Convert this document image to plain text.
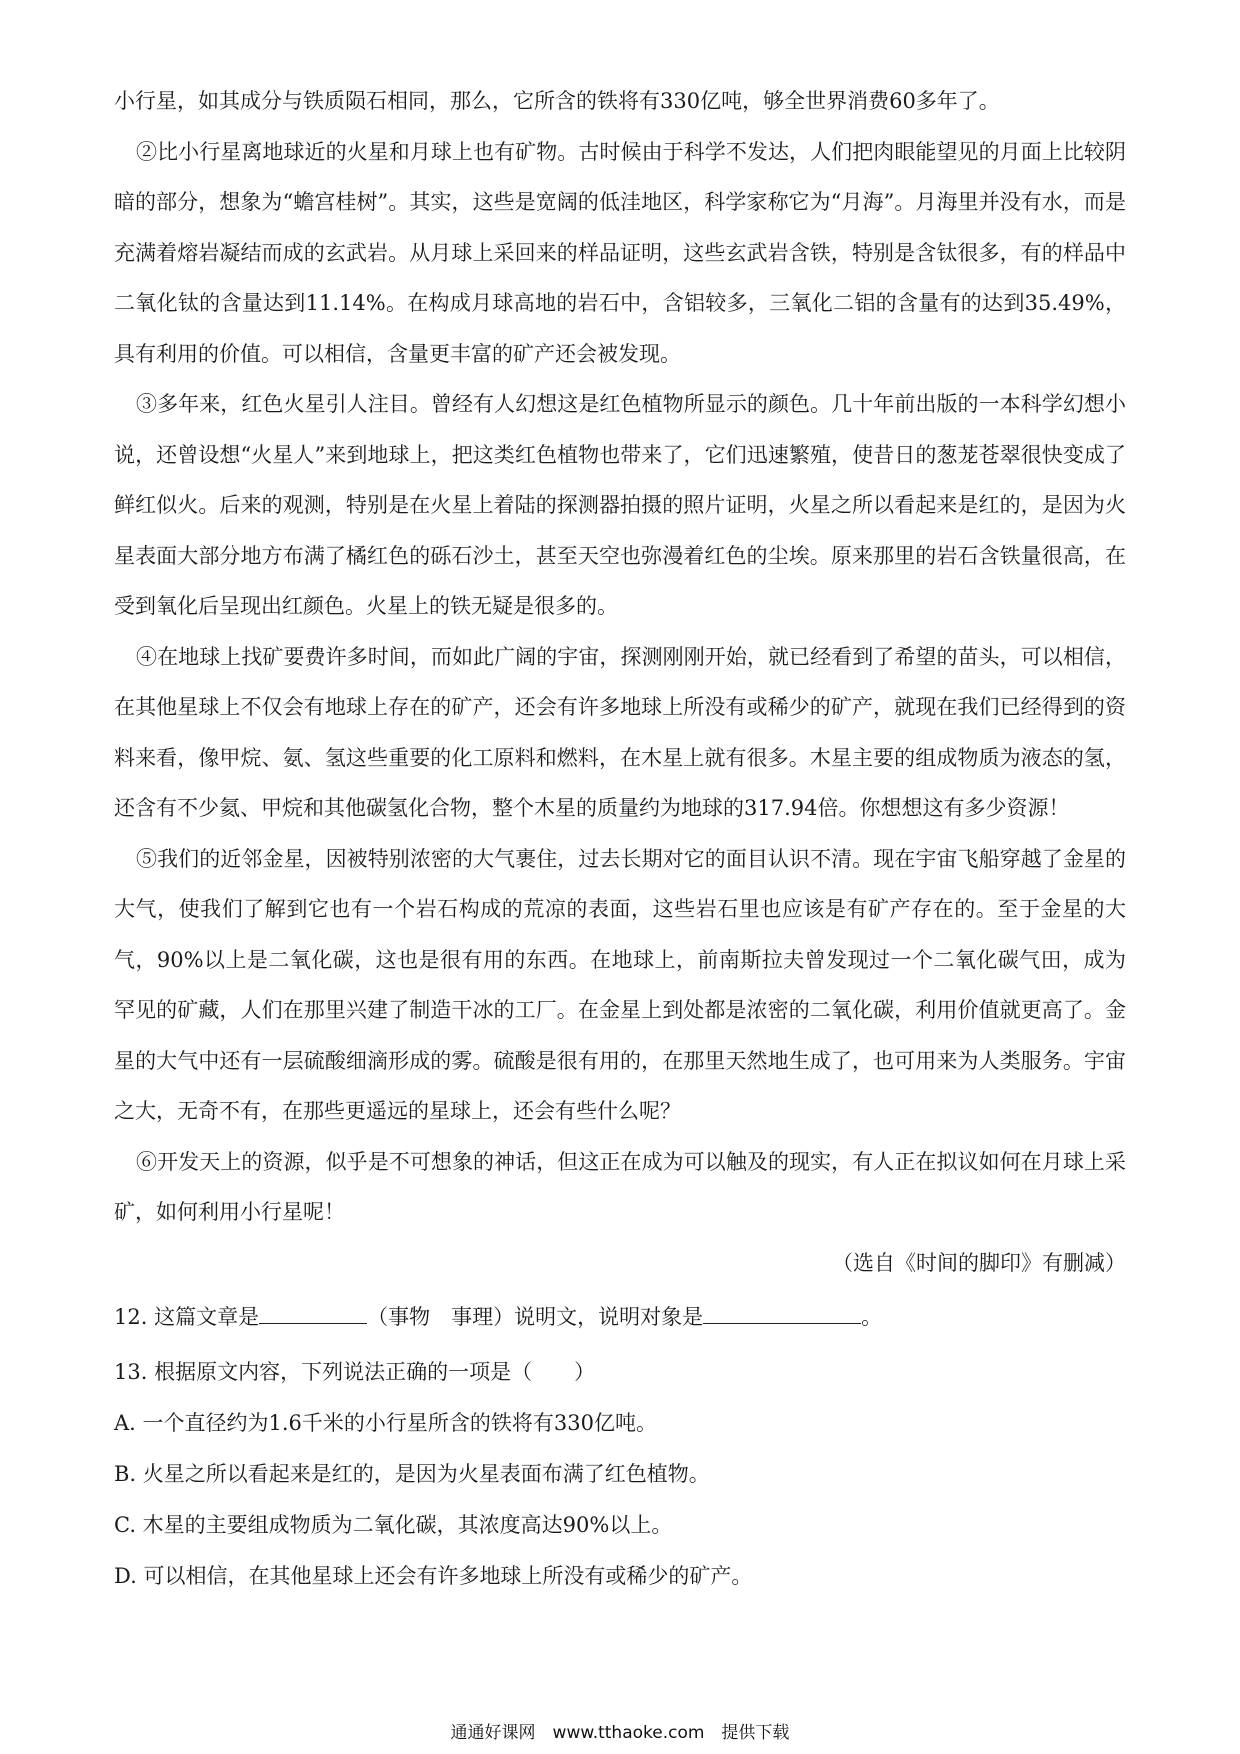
小行星，如其成分与铁质陨石相同，那么，它所含的铁将有330亿吨，够全世界消费60多年了。

②比小行星离地球近的火星和月球上也有矿物。古时候由于科学不发达，人们把肉眼能望见的月面上比较阴暗的部分，想象为“蟾宫桂树”。其实，这些是宽阔的低洼地区，科学家称它为“月海”。月海里并没有水，而是充满着熔岩凝结而成的玄武岩。从月球上采回来的样品证明，这些玄武岩含铁，特别是含钛很多，有的样品中二氧化钛的含量达到11.14%。在构成月球高地的岩石中，含铝较多，三氧化二铝的含量有的达到35.49%，具有利用的价值。可以相信，含量更丰富的矿产还会被发现。

③多年来，红色火星引人注目。曾经有人幻想这是红色植物所显示的颜色。几十年前出版的一本科学幻想小说，还曾设想“火星人”来到地球上，把这类红色植物也带来了，它们迅速繁殖，使昔日的葱茏苍翠很快变成了鲜红似火。后来的观测，特别是在火星上着陆的探测器拍摄的照片证明，火星之所以看起来是红的，是因为火星表面大部分地方布满了橘红色的砾石沙土，甚至天空也弥漫着红色的尘埃。原来那里的岩石含铁量很高，在受到氧化后呈现出红颜色。火星上的铁无疑是很多的。

④在地球上找矿要费许多时间，而如此广阔的宇宙，探测刚刚开始，就已经看到了希望的苗头，可以相信，在其他星球上不仅会有地球上存在的矿产，还会有许多地球上所没有或稀少的矿产，就现在我们已经得到的资料来看，像甲烷、氨、氢这些重要的化工原料和燃料，在木星上就有很多。木星主要的组成物质为液态的氢，还含有不少氦、甲烷和其他碳氢化合物，整个木星的质量约为地球的317.94倍。你想想这有多少资源！

⑤我们的近邻金星，因被特别浓密的大气裹住，过去长期对它的面目认识不清。现在宇宙飞船穿越了金星的大气，使我们了解到它也有一个岩石构成的荒凉的表面，这些岩石里也应该是有矿产存在的。至于金星的大气，90%以上是二氧化碳，这也是很有用的东西。在地球上，前南斯拉夫曾发现过一个二氧化碳气田，成为罕见的矿藏，人们在那里兴建了制造干冰的工厂。在金星上到处都是浓密的二氧化碳，利用价值就更高了。金星的大气中还有一层硫酸细滴形成的雾。硫酸是很有用的，在那里天然地生成了，也可用来为人类服务。宇宙之大，无奇不有，在那些更遥远的星球上，还会有些什么呢？

⑥开发天上的资源，似乎是不可想象的神话，但这正在成为可以触及的现实，有人正在拟议如何在月球上采矿，如何利用小行星呢！

（选自《时间的脚印》有删减）

12. 这篇文章是	（事物　事理）说明文，说明对象是	。

13. 根据原文内容，下列说法正确的一项是（　　）

A. 一个直径约为1.6千米的小行星所含的铁将有330亿吨。

B. 火星之所以看起来是红的，是因为火星表面布满了红色植物。

C. 木星的主要组成物质为二氧化碳，其浓度高达90%以上。

D. 可以相信，在其他星球上还会有许多地球上所没有或稀少的矿产。

通通好课网　www.tthaoke.com　提供下载
